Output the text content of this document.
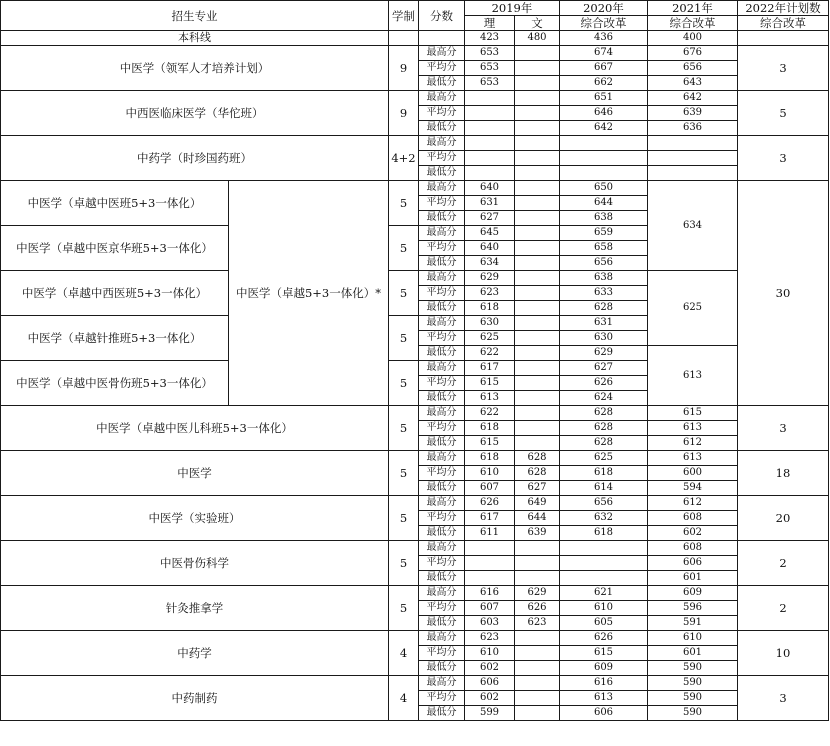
招生专业		学制	分数	2019年		2020年	2021年	2022年计划数
				理	文	综合改革	综合改革	综合改革
本科线				423	480	436	400	
中医学（领军人才培养计划）		9	最高分	653		674	676	3
			平均分	653		667	656	
			最低分	653		662	643	
中西医临床医学（华佗班）		9	最高分			651	642	5
			平均分			646	639	
			最低分			642	636	
中药学（时珍国药班）		4+2	最高分					3
			平均分					
			最低分					
中医学（卓越中医班5+3一体化）	中医学（卓越5+3一体化）*	5	最高分	640		650	634	30
			平均分	631		644		
			最低分	627		638		
中医学（卓越中医京华班5+3一体化）		5	最高分	645		659		
			平均分	640		658		
			最低分	634		656		
中医学（卓越中西医班5+3一体化）		5	最高分	629		638	625	
			平均分	623		633		
			最低分	618		628		
中医学（卓越针推班5+3一体化）		5	最高分	630		631		
			平均分	625		630		
			最低分	622		629	613	
中医学（卓越中医骨伤班5+3一体化）		5	最高分	617		627		
			平均分	615		626		
			最低分	613		624		
中医学（卓越中医儿科班5+3一体化）		5	最高分	622		628	615	3
			平均分	618		628	613	
			最低分	615		628	612	
中医学		5	最高分	618	628	625	613	18
			平均分	610	628	618	600	
			最低分	607	627	614	594	
中医学（实验班）		5	最高分	626	649	656	612	20
			平均分	617	644	632	608	
			最低分	611	639	618	602	
中医骨伤科学		5	最高分				608	2
			平均分				606	
			最低分				601	
针灸推拿学		5	最高分	616	629	621	609	2
			平均分	607	626	610	596	
			最低分	603	623	605	591	
中药学		4	最高分	623		626	610	10
			平均分	610		615	601	
			最低分	602		609	590	
中药制药		4	最高分	606		616	590	3
			平均分	602		613	590	
			最低分	599		606	590	
